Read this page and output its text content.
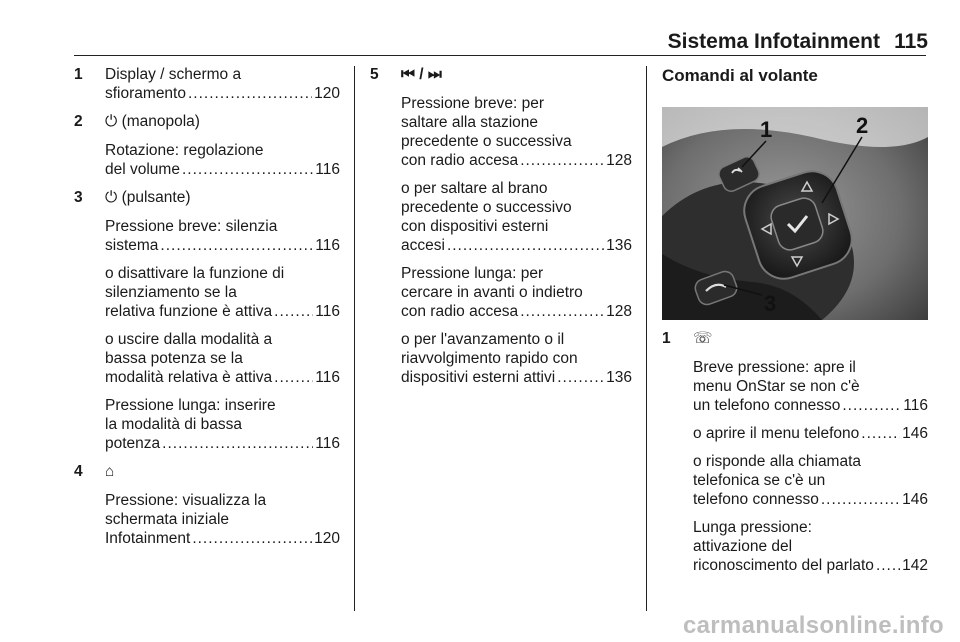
Sistema Infotainment 115
1	Display / schermo a
sfioramento .....	120
2	⏻ (manopola)
Rotazione: regolazione
del volume .....	116
3	⏻ (pulsante)
Pressione breve: silenzia
sistema .....	116
o disattivare la funzione di
silenziamento se la
relativa funzione è attiva .....	116
o uscire dalla modalità a
bassa potenza se la
modalità relativa è attiva .....	116
Pressione lunga: inserire
la modalità di bassa
potenza .....	116
4	⌂
Pressione: visualizza la
schermata iniziale
Infotainment .....	120
5	⏮ / ⏭
Pressione breve: per
saltare alla stazione
precedente o successiva
con radio accesa .....	128
o per saltare al brano
precedente o successivo
con dispositivi esterni
accesi .....	136
Pressione lunga: per
cercare in avanti o indietro
con radio accesa .....	128
o per l'avanzamento o il
riavvolgimento rapido con
dispositivi esterni attivi .....	136
Comandi al volante
1	2
3
1	☏
Breve pressione: apre il
menu OnStar se non c'è
un telefono connesso .....	116
o aprire il menu telefono .....	146
o risponde alla chiamata
telefonica se c'è un
telefono connesso .....	146
Lunga pressione:
attivazione del
riconoscimento del parlato ..... 142
carmanualsonline.info
